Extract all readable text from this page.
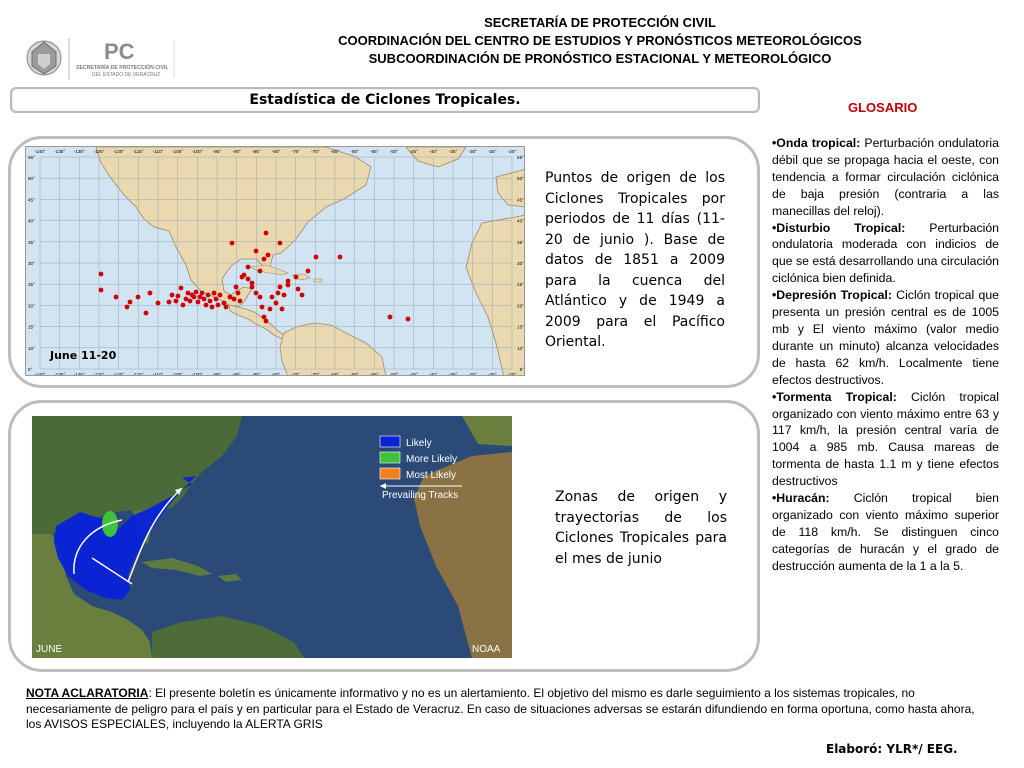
PC
SECRETARÍA DE PROTECCIÓN CIVIL
DEL ESTADO DE VERACRUZ
SECRETARÍA DE PROTECCIÓN CIVIL
COORDINACIÓN DEL CENTRO DE ESTUDIOS Y PRONÓSTICOS METEOROLÓGICOS
SUBCOORDINACIÓN DE PRONÓSTICO ESTACIONAL Y METEOROLÓGICO
Estadística de Ciclones Tropicales.
-140°
-140°
-135°
-135°
-130°
-130°
-125°
-125°
-120°
-120°
-115°
-115°
-110°
-110°
-105°
-105°
-100°
-100°
-95°
-95°
-90°
-90°
-85°
-85°
-80°
-80°
-75°
-75°
-70°
-70°
-65°
-65°
-60°
-60°
-55°
-55°
-50°
-50°
-45°
-45°
-40°
-40°
-35°
-35°
-30°
-30°
-25°
-25°
-20°
-20°
55°	55°
50°	50°
45°	45°
40°	40°
35°	35°
30°	30°
25°	25°
20°	20°
15°	15°
10°	10°
5°	5°
June 11-20
Puntos de origen de los Ciclones Tropicales por periodos de 11 días (11-20 de junio ). Base de datos de 1851 a 2009 para la cuenca del Atlántico y de 1949 a 2009 para el Pacífico Oriental.
Likely
More Likely
Most Likely
Prevailing Tracks
JUNE	NOAA
Zonas de origen y trayectorias de los Ciclones Tropicales para el mes de junio
GLOSARIO
•Onda tropical: Perturbación ondulatoria débil que se propaga hacia el oeste, con tendencia a formar circulación ciclónica de baja presión (contraria a las manecillas del reloj).
•Disturbio Tropical: Perturbación ondulatoria moderada con indicios de que se está desarrollando una circulación ciclónica bien definida.
•Depresión Tropical: Ciclón tropical que presenta un presión central es de 1005 mb y El viento máximo (valor medio durante un minuto) alcanza velocidades de hasta 62 km/h. Localmente tiene efectos destructivos.
•Tormenta Tropical: Ciclón tropical organizado con viento máximo entre 63 y 117 km/h, la presión central varía de 1004 a 985 mb. Causa mareas de tormenta de hasta 1.1 m y tiene efectos destructivos
•Huracán: Ciclón tropical bien organizado con viento máximo superior de 118 km/h. Se distinguen cinco categorías de huracán y el grado de destrucción aumenta de la 1 a la 5.
NOTA ACLARATORIA: El presente boletín es únicamente informativo y no es un alertamiento. El objetivo del mismo es darle seguimiento a los sistemas tropicales, no necesariamente de peligro para el país y en particular para el Estado de Veracruz. En caso de situaciones adversas se estarán difundiendo en forma oportuna, como hasta ahora, los AVISOS ESPECIALES, incluyendo la ALERTA GRIS
Elaboró: YLR*/ EEG.
